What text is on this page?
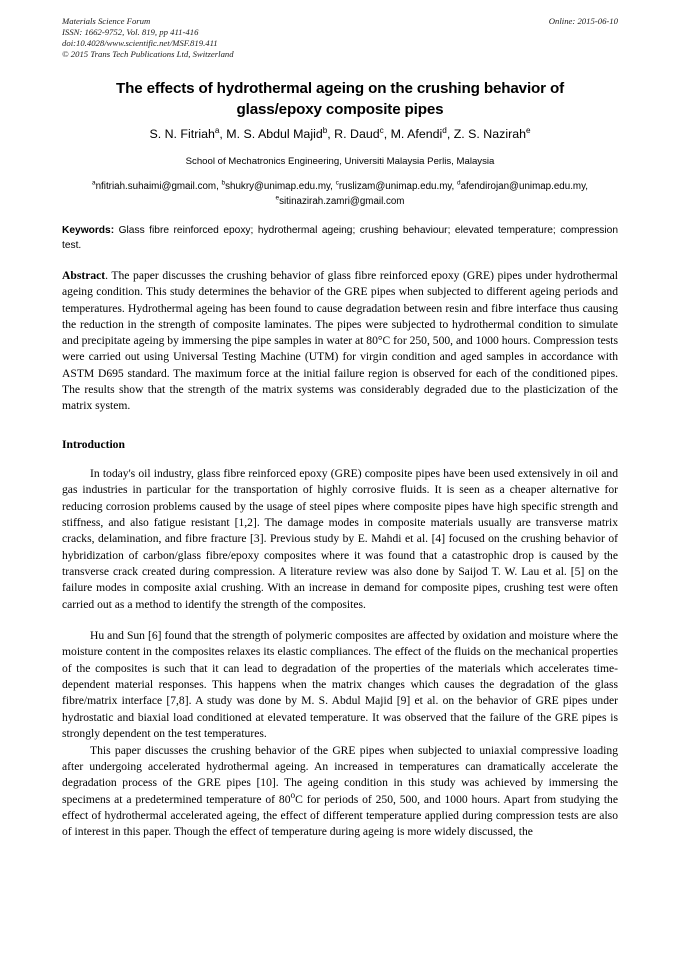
Materials Science Forum
ISSN: 1662-9752, Vol. 819, pp 411-416
doi:10.4028/www.scientific.net/MSF.819.411
© 2015 Trans Tech Publications Ltd, Switzerland
Online: 2015-06-10
The effects of hydrothermal ageing on the crushing behavior of glass/epoxy composite pipes
S. N. Fitriah$^a$, M. S. Abdul Majid$^b$, R. Daud$^c$, M. Afendi$^d$, Z. S. Nazirah$^e$
School of Mechatronics Engineering, Universiti Malaysia Perlis, Malaysia
$^a$nfitriah.suhaimi@gmail.com, $^b$shukry@unimap.edu.my, $^c$ruslizam@unimap.edu.my, $^d$afendirojan@unimap.edu.my, $^e$sitinazirah.zamri@gmail.com
Keywords: Glass fibre reinforced epoxy; hydrothermal ageing; crushing behaviour; elevated temperature; compression test.
Abstract. The paper discusses the crushing behavior of glass fibre reinforced epoxy (GRE) pipes under hydrothermal ageing condition. This study determines the behavior of the GRE pipes when subjected to different ageing periods and temperatures. Hydrothermal ageing has been found to cause degradation between resin and fibre interface thus causing the reduction in the strength of composite laminates. The pipes were subjected to hydrothermal condition to simulate and precipitate ageing by immersing the pipe samples in water at 80°C for 250, 500, and 1000 hours. Compression tests were carried out using Universal Testing Machine (UTM) for virgin condition and aged samples in accordance with ASTM D695 standard. The maximum force at the initial failure region is observed for each of the conditioned pipes. The results show that the strength of the matrix systems was considerably degraded due to the plasticization of the matrix system.
Introduction

In today's oil industry, glass fibre reinforced epoxy (GRE) composite pipes have been used extensively in oil and gas industries in particular for the transportation of highly corrosive fluids. It is seen as a cheaper alternative for reducing corrosion problems caused by the usage of steel pipes where composite pipes have high specific strength and stiffness, and also fatigue resistant [1,2]. The damage modes in composite materials usually are transverse matrix cracks, delamination, and fibre fracture [3]. Previous study by E. Mahdi et al. [4] focused on the crushing behavior of hybridization of carbon/glass fibre/epoxy composites where it was found that a catastrophic drop is caused by the transverse crack created during compression. A literature review was also done by Saijod T. W. Lau et al. [5] on the failure modes in composite axial crushing. With an increase in demand for composite pipes, crushing test were often carried out as a method to identify the strength of the composites.

Hu and Sun [6] found that the strength of polymeric composites are affected by oxidation and moisture where the moisture content in the composites relaxes its elastic compliances. The effect of the fluids on the mechanical properties of the composites is such that it can lead to degradation of the properties of the materials which accelerates time-dependent material responses. This happens when the matrix changes which causes the degradation of the glass fibre/matrix interface [7,8]. A study was done by M. S. Abdul Majid [9] et al. on the behavior of GRE pipes under hydrostatic and biaxial load conditioned at elevated temperature. It was observed that the failure of the GRE pipes is strongly dependent on the test temperatures.

This paper discusses the crushing behavior of the GRE pipes when subjected to uniaxial compressive loading after undergoing accelerated hydrothermal ageing. An increased in temperatures can dramatically accelerate the degradation process of the GRE pipes [10]. The ageing condition in this study was achieved by immersing the specimens at a predetermined temperature of 80$^o$C for periods of 250, 500, and 1000 hours. Apart from studying the effect of hydrothermal accelerated ageing, the effect of different temperature applied during compression tests are also of interest in this paper. Though the effect of temperature during ageing is more widely discussed, the
